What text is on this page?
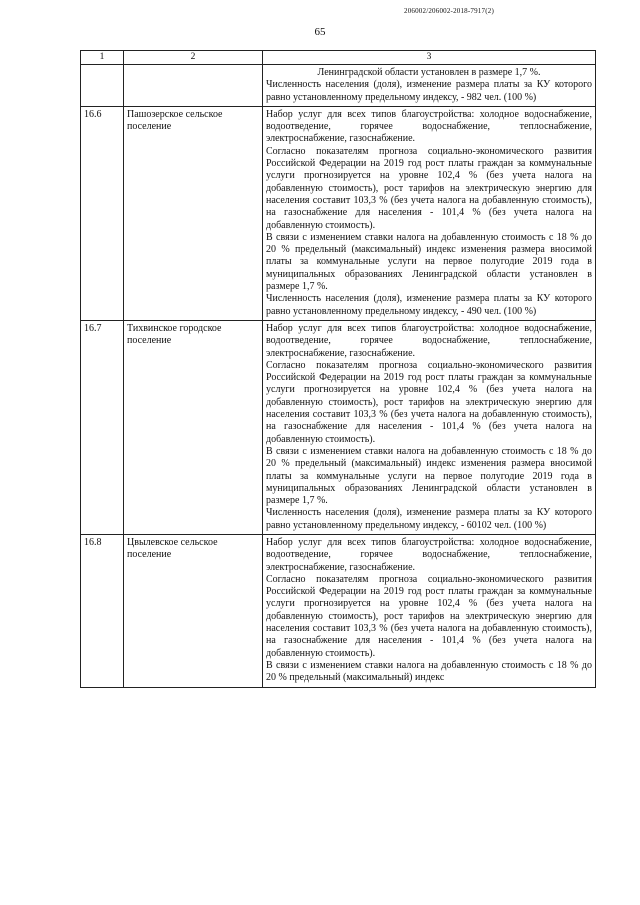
206002/206002-2018-7917(2)
65
1	2	3

		Ленинградской области установлен в размере 1,7 %.
Численность населения (доля), изменение размера платы за КУ которого равно установленному предельному индексу, - 982 чел. (100 %)

16.6	Пашозерское сельское поселение	Набор услуг для всех типов благоустройства: холодное водоснабжение, водоотведение, горячее водоснабжение, теплоснабжение, электроснабжение, газоснабжение.
Согласно показателям прогноза социально-экономического развития Российской Федерации на 2019 год рост платы граждан за коммунальные услуги прогнозируется на уровне 102,4 % (без учета налога на добавленную стоимость), рост тарифов на электрическую энергию для населения составит 103,3 % (без учета налога на добавленную стоимость), на газоснабжение для населения - 101,4 % (без учета налога на добавленную стоимость).
В связи с изменением ставки налога на добавленную стоимость с 18 % до 20 % предельный (максимальный) индекс изменения размера вносимой платы за коммунальные услуги на первое полугодие 2019 года в муниципальных образованиях Ленинградской области установлен в размере 1,7 %.
Численность населения (доля), изменение размера платы за КУ которого равно установленному предельному индексу, - 490 чел. (100 %)

16.7	Тихвинское городское поселение	Набор услуг для всех типов благоустройства: холодное водоснабжение, водоотведение, горячее водоснабжение, теплоснабжение, электроснабжение, газоснабжение.
Согласно показателям прогноза социально-экономического развития Российской Федерации на 2019 год рост платы граждан за коммунальные услуги прогнозируется на уровне 102,4 % (без учета налога на добавленную стоимость), рост тарифов на электрическую энергию для населения составит 103,3 % (без учета налога на добавленную стоимость), на газоснабжение для населения - 101,4 % (без учета налога на добавленную стоимость).
В связи с изменением ставки налога на добавленную стоимость с 18 % до 20 % предельный (максимальный) индекс изменения размера вносимой платы за коммунальные услуги на первое полугодие 2019 года в муниципальных образованиях Ленинградской области установлен в размере 1,7 %.
Численность населения (доля), изменение размера платы за КУ которого равно установленному предельному индексу, - 60102 чел. (100 %)

16.8	Цвылевское сельское поселение	Набор услуг для всех типов благоустройства: холодное водоснабжение, водоотведение, горячее водоснабжение, теплоснабжение, электроснабжение, газоснабжение.
Согласно показателям прогноза социально-экономического развития Российской Федерации на 2019 год рост платы граждан за коммунальные услуги прогнозируется на уровне 102,4 % (без учета налога на добавленную стоимость), рост тарифов на электрическую энергию для населения составит 103,3 % (без учета налога на добавленную стоимость), на газоснабжение для населения - 101,4 % (без учета налога на добавленную стоимость).
В связи с изменением ставки налога на добавленную стоимость с 18 % до 20 % предельный (максимальный) индекс
